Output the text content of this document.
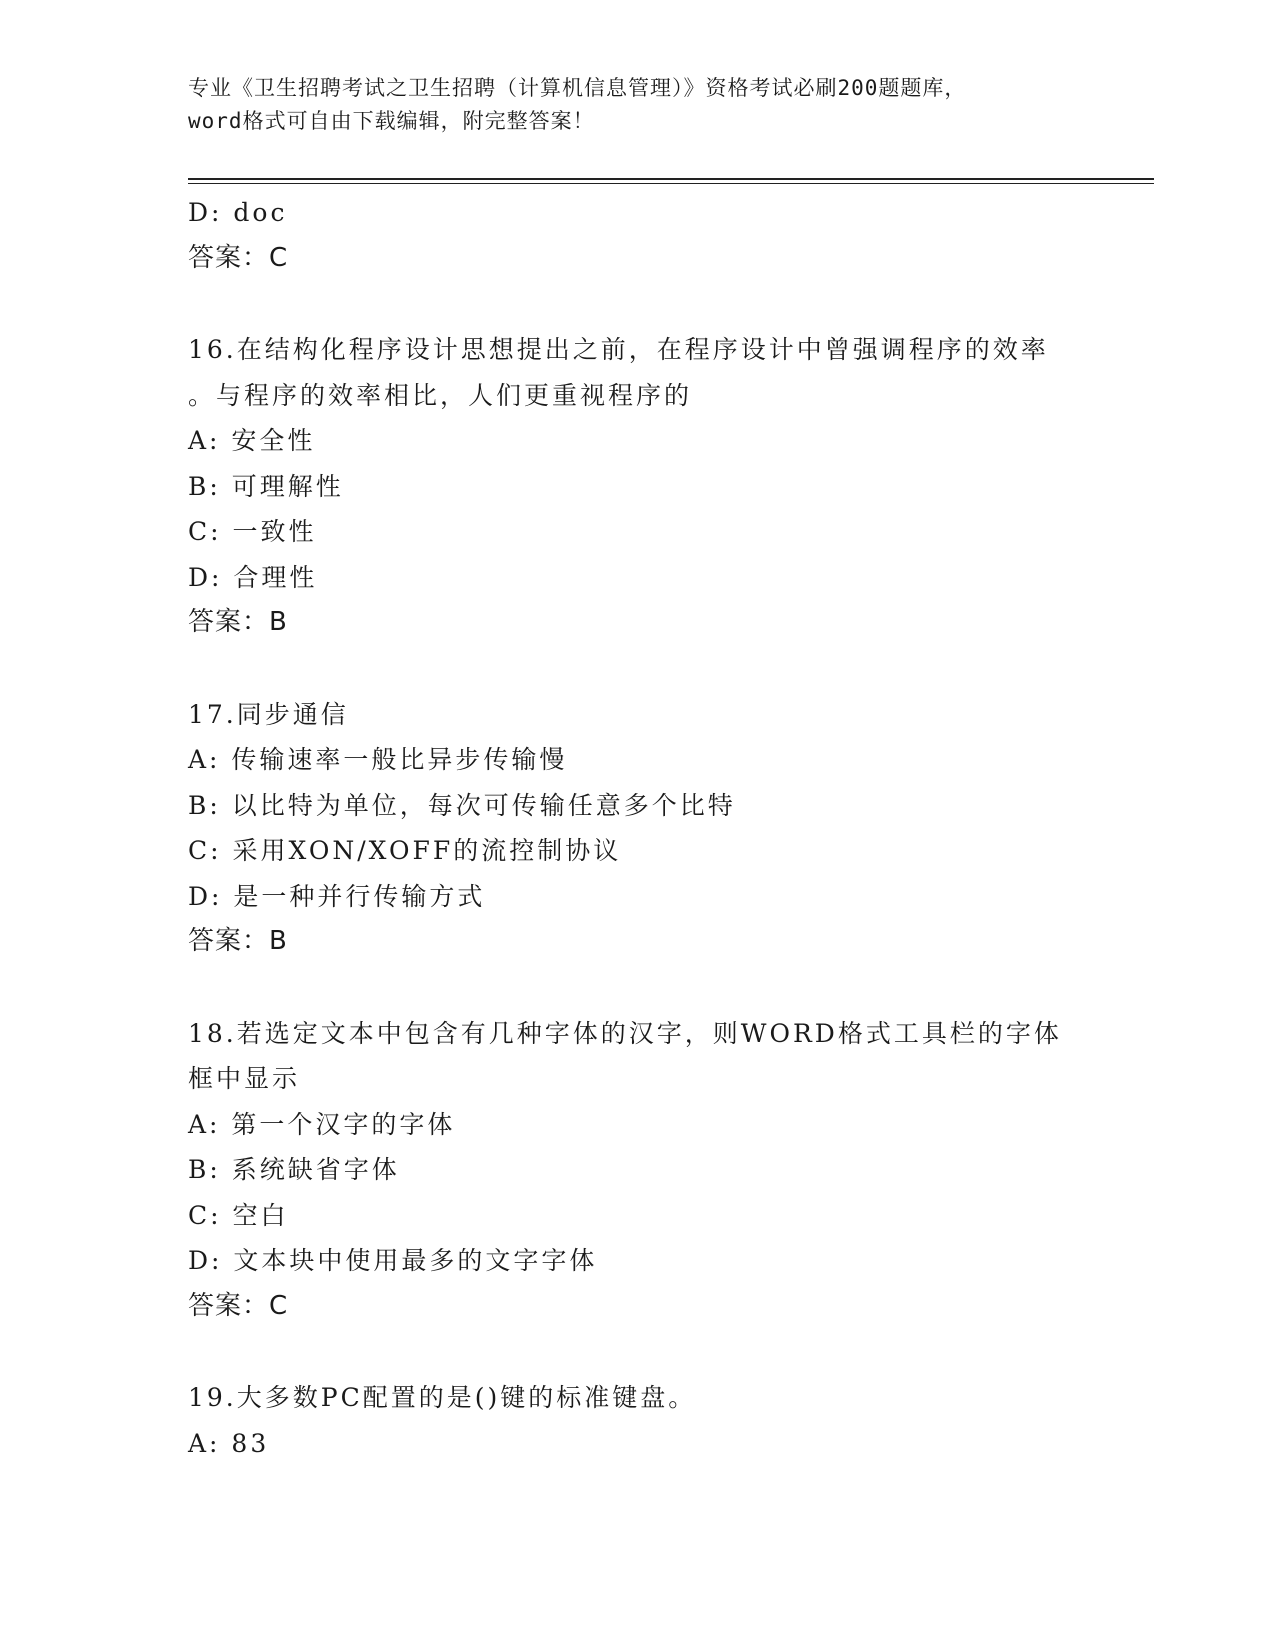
专业《卫生招聘考试之卫生招聘（计算机信息管理）》资格考试必刷200题题库，
word格式可自由下载编辑，附完整答案！
D: doc
答案：C
16.在结构化程序设计思想提出之前，在程序设计中曾强调程序的效率
。与程序的效率相比，人们更重视程序的
A: 安全性
B: 可理解性
C: 一致性
D: 合理性
答案：B
17.同步通信
A: 传输速率一般比异步传输慢
B: 以比特为单位，每次可传输任意多个比特
C: 采用XON/XOFF的流控制协议
D: 是一种并行传输方式
答案：B
18.若选定文本中包含有几种字体的汉字，则WORD格式工具栏的字体
框中显示
A: 第一个汉字的字体
B: 系统缺省字体
C: 空白
D: 文本块中使用最多的文字字体
答案：C
19.大多数PC配置的是()键的标准键盘。
A: 83
